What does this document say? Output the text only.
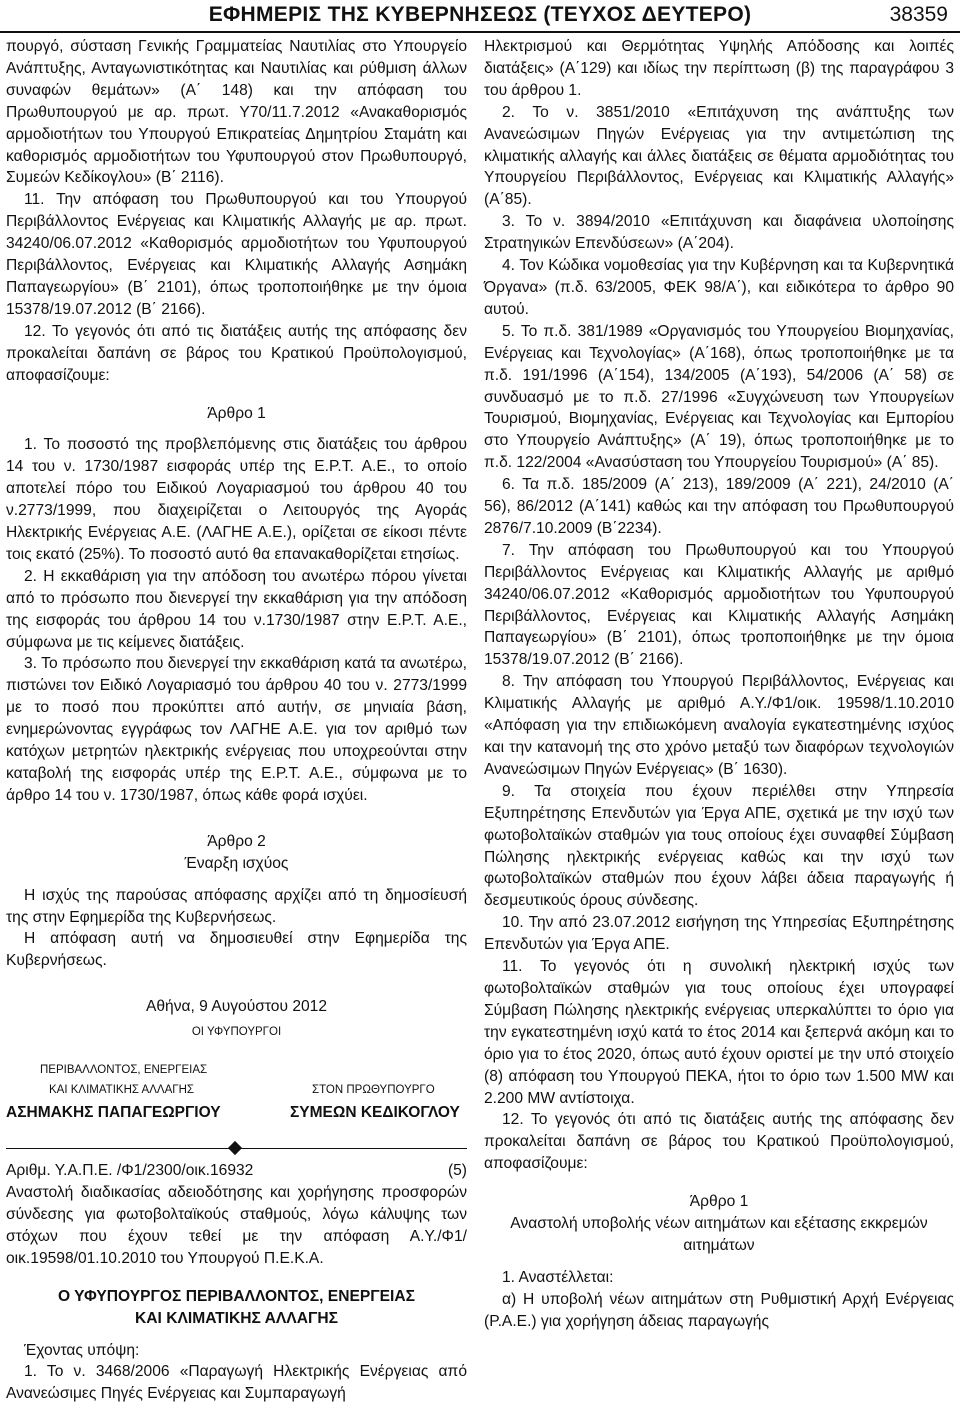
ΕΦΗΜΕΡΙΣ ΤΗΣ ΚΥΒΕΡΝΗΣΕΩΣ (ΤΕΥΧΟΣ ΔΕΥΤΕΡΟ)	38359

πουργό, σύσταση Γενικής Γραμματείας Ναυτιλίας στο Υπουργείο Ανάπτυξης, Ανταγωνιστικότητας και Ναυτιλίας και ρύθμιση άλλων συναφών θεμάτων» (Α΄ 148) και την απόφαση του Πρωθυπουργού με αρ. πρωτ. Υ70/11.7.2012 «Ανακαθορισμός αρμοδιοτήτων του Υπουργού Επικρατείας Δημητρίου Σταμάτη και καθορισμός αρμοδιοτήτων του Υφυπουργού στον Πρωθυπουργό, Συμεών Κεδίκογλου» (Β΄ 2116).

11. Την απόφαση του Πρωθυπουργού και του Υπουργού Περιβάλλοντος Ενέργειας και Κλιματικής Αλλαγής με αρ. πρωτ. 34240/06.07.2012 «Καθορισμός αρμοδιοτήτων του Υφυπουργού Περιβάλλοντος, Ενέργειας και Κλιματικής Αλλαγής Ασημάκη Παπαγεωργίου» (Β΄ 2101), όπως τροποποιήθηκε με την όμοια 15378/19.07.2012 (Β΄ 2166).

12. Το γεγονός ότι από τις διατάξεις αυτής της απόφασης δεν προκαλείται δαπάνη σε βάρος του Κρατικού Προϋπολογισμού, αποφασίζουμε:

Άρθρο 1

1. Το ποσοστό της προβλεπόμενης στις διατάξεις του άρθρου 14 του ν. 1730/1987 εισφοράς υπέρ της Ε.Ρ.Τ. Α.Ε., το οποίο αποτελεί πόρο του Ειδικού Λογαριασμού του άρθρου 40 του ν.2773/1999, που διαχειρίζεται ο Λειτουργός της Αγοράς Ηλεκτρικής Ενέργειας Α.Ε. (ΛΑΓΗΕ Α.Ε.), ορίζεται σε είκοσι πέντε τοις εκατό (25%). Το ποσοστό αυτό θα επανακαθορίζεται ετησίως.

2. Η εκκαθάριση για την απόδοση του ανωτέρω πόρου γίνεται από το πρόσωπο που διενεργεί την εκκαθάριση για την απόδοση της εισφοράς του άρθρου 14 του ν.1730/1987 στην Ε.Ρ.Τ. Α.Ε., σύμφωνα με τις κείμενες διατάξεις.

3. Το πρόσωπο που διενεργεί την εκκαθάριση κατά τα ανωτέρω, πιστώνει τον Ειδικό Λογαριασμό του άρθρου 40 του ν. 2773/1999 με το ποσό που προκύπτει από αυτήν, σε μηνιαία βάση, ενημερώνοντας εγγράφως τον ΛΑΓΗΕ Α.Ε. για τον αριθμό των κατόχων μετρητών ηλεκτρικής ενέργειας που υποχρεούνται στην καταβολή της εισφοράς υπέρ της Ε.Ρ.Τ. Α.Ε., σύμφωνα με το άρθρο 14 του ν. 1730/1987, όπως κάθε φορά ισχύει.

Άρθρο 2

Έναρξη ισχύος

Η ισχύς της παρούσας απόφασης αρχίζει από τη δημοσίευσή της στην Εφημερίδα της Κυβερνήσεως.

Η απόφαση αυτή να δημοσιευθεί στην Εφημερίδα της Κυβερνήσεως.

Αθήνα, 9 Αυγούστου 2012

ΟΙ ΥΦΥΠΟΥΡΓΟΙ
ΠΕΡΙΒΑΛΛΟΝΤΟΣ, ΕΝΕΡΓΕΙΑΣ
ΚΑΙ ΚΛΙΜΑΤΙΚΗΣ ΑΛΛΑΓΗΣ	ΣΤΟΝ ΠΡΩΘΥΠΟΥΡΓΟ
ΑΣΗΜΑΚΗΣ ΠΑΠΑΓΕΩΡΓΙΟΥ	ΣΥΜΕΩΝ ΚΕΔΙΚΟΓΛΟΥ
Αριθμ. Υ.Α.Π.Ε. /Φ1/2300/οικ.16932	(5)

Αναστολή διαδικασίας αδειοδότησης και χορήγησης προσφορών σύνδεσης για φωτοβολταϊκούς σταθμούς, λόγω κάλυψης των στόχων που έχουν τεθεί με την απόφαση Α.Υ./Φ1/οικ.19598/01.10.2010 του Υπουργού Π.Ε.Κ.Α.

Ο ΥΦΥΠΟΥΡΓΟΣ ΠΕΡΙΒΑΛΛΟΝΤΟΣ, ΕΝΕΡΓΕΙΑΣ
ΚΑΙ ΚΛΙΜΑΤΙΚΗΣ ΑΛΛΑΓΗΣ

Έχοντας υπόψη:

1. Το ν. 3468/2006 «Παραγωγή Ηλεκτρικής Ενέργειας από Ανανεώσιμες Πηγές Ενέργειας και Συμπαραγωγή

Ηλεκτρισμού και Θερμότητας Υψηλής Απόδοσης και λοιπές διατάξεις» (Α΄129) και ιδίως την περίπτωση (β) της παραγράφου 3 του άρθρου 1.

2. Το ν. 3851/2010 «Επιτάχυνση της ανάπτυξης των Ανανεώσιμων Πηγών Ενέργειας για την αντιμετώπιση της κλιματικής αλλαγής και άλλες διατάξεις σε θέματα αρμοδιότητας του Υπουργείου Περιβάλλοντος, Ενέργειας και Κλιματικής Αλλαγής» (Α΄85).

3. Το ν. 3894/2010 «Επιτάχυνση και διαφάνεια υλοποίησης Στρατηγικών Επενδύσεων» (Α΄204).

4. Τον Κώδικα νομοθεσίας για την Κυβέρνηση και τα Κυβερνητικά Όργανα» (π.δ. 63/2005, ΦΕΚ 98/Α΄), και ειδικότερα το άρθρο 90 αυτού.

5. Το π.δ. 381/1989 «Οργανισμός του Υπουργείου Βιομηχανίας, Ενέργειας και Τεχνολογίας» (Α΄168), όπως τροποποιήθηκε με τα π.δ. 191/1996 (Α΄154), 134/2005 (Α΄193), 54/2006 (Α΄ 58) σε συνδυασμό με το π.δ. 27/1996 «Συγχώνευση των Υπουργείων Τουρισμού, Βιομηχανίας, Ενέργειας και Τεχνολογίας και Εμπορίου στο Υπουργείο Ανάπτυξης» (Α΄ 19), όπως τροποποιήθηκε με το π.δ. 122/2004 «Ανασύσταση του Υπουργείου Τουρισμού» (Α΄ 85).

6. Τα π.δ. 185/2009 (Α΄ 213), 189/2009 (Α΄ 221), 24/2010 (Α΄ 56), 86/2012 (Α΄141) καθώς και την απόφαση του Πρωθυπουργού 2876/7.10.2009 (Β΄2234).

7. Την απόφαση του Πρωθυπουργού και του Υπουργού Περιβάλλοντος Ενέργειας και Κλιματικής Αλλαγής με αριθμό 34240/06.07.2012 «Καθορισμός αρμοδιοτήτων του Υφυπουργού Περιβάλλοντος, Ενέργειας και Κλιματικής Αλλαγής Ασημάκη Παπαγεωργίου» (Β΄ 2101), όπως τροποποιήθηκε με την όμοια 15378/19.07.2012 (Β΄ 2166).

8. Την απόφαση του Υπουργού Περιβάλλοντος, Ενέργειας και Κλιματικής Αλλαγής με αριθμό Α.Υ./Φ1/οικ. 19598/1.10.2010 «Απόφαση για την επιδιωκόμενη αναλογία εγκατεστημένης ισχύος και την κατανομή της στο χρόνο μεταξύ των διαφόρων τεχνολογιών Ανανεώσιμων Πηγών Ενέργειας» (Β΄ 1630).

9. Τα στοιχεία που έχουν περιέλθει στην Υπηρεσία Εξυπηρέτησης Επενδυτών για Έργα ΑΠΕ, σχετικά με την ισχύ των φωτοβολταϊκών σταθμών για τους οποίους έχει συναφθεί Σύμβαση Πώλησης ηλεκτρικής ενέργειας καθώς και την ισχύ των φωτοβολταϊκών σταθμών που έχουν λάβει άδεια παραγωγής ή δεσμευτικούς όρους σύνδεσης.

10. Την από 23.07.2012 εισήγηση της Υπηρεσίας Εξυπηρέτησης Επενδυτών για Έργα ΑΠΕ.

11. Το γεγονός ότι η συνολική ηλεκτρική ισχύς των φωτοβολταϊκών σταθμών για τους οποίους έχει υπογραφεί Σύμβαση Πώλησης ηλεκτρικής ενέργειας υπερκαλύπτει το όριο για την εγκατεστημένη ισχύ κατά το έτος 2014 και ξεπερνά ακόμη και το όριο για το έτος 2020, όπως αυτό έχουν οριστεί με την υπό στοιχείο (8) απόφαση του Υπουργού ΠΕΚΑ, ήτοι το όριο των 1.500 MW και 2.200 MW αντίστοιχα.

12. Το γεγονός ότι από τις διατάξεις αυτής της απόφασης δεν προκαλείται δαπάνη σε βάρος του Κρατικού Προϋπολογισμού, αποφασίζουμε:

Άρθρο 1

Αναστολή υποβολής νέων αιτημάτων και εξέτασης εκκρεμών αιτημάτων

1. Αναστέλλεται:

α) Η υποβολή νέων αιτημάτων στη Ρυθμιστική Αρχή Ενέργειας (Ρ.Α.Ε.) για χορήγηση άδειας παραγωγής
